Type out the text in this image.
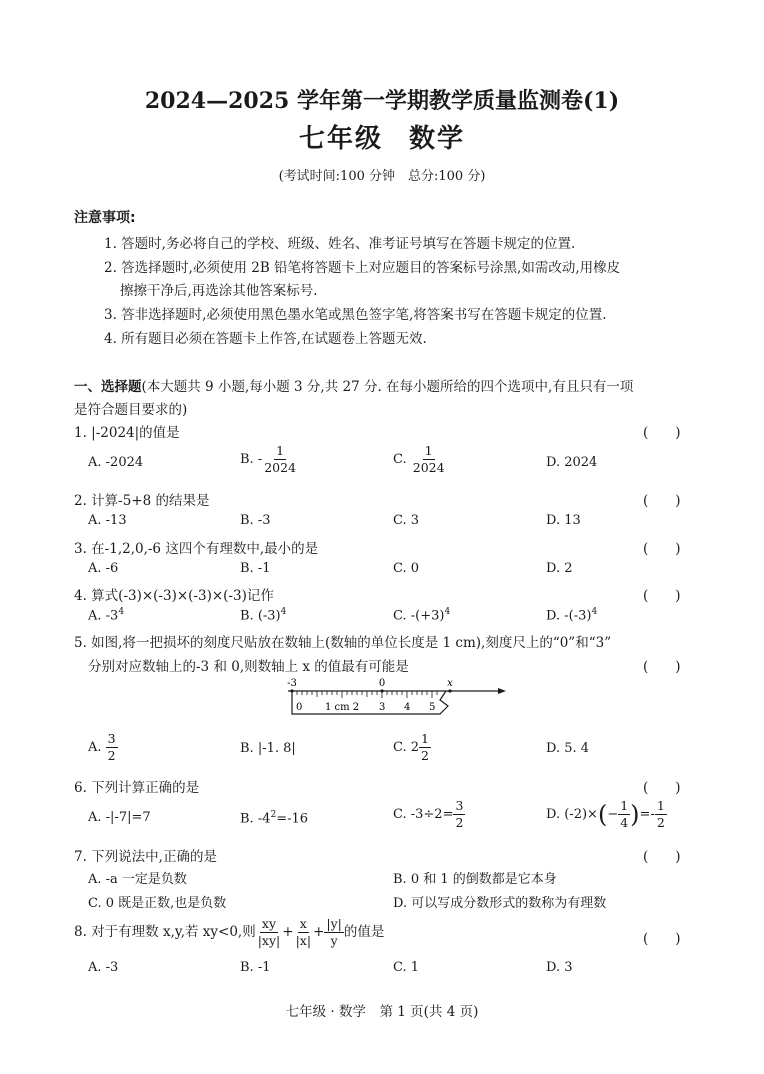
2024—2025 学年第一学期教学质量监测卷(1)
七年级 数学
(考试时间:100 分钟　总分:100 分)
注意事项:
1. 答题时,务必将自己的学校、班级、姓名、准考证号填写在答题卡规定的位置.
2. 答选择题时,必须使用 2B 铅笔将答题卡上对应题目的答案标号涂黑,如需改动,用橡皮
擦擦干净后,再选涂其他答案标号.
3. 答非选择题时,必须使用黑色墨水笔或黑色签字笔,将答案书写在答题卡规定的位置.
4. 所有题目必须在答题卡上作答,在试题卷上答题无效.
一、选择题(本大题共 9 小题,每小题 3 分,共 27 分. 在每小题所给的四个选项中,有且只有一项
是符合题目要求的)
1. |-2024|的值是	(　　)
A. -2024	B. - $\frac{1}{2024}$	C. $\frac{1}{2024}$	D. 2024
2. 计算-5+8 的结果是	(　　)
A. -13	B. -3	C. 3	D. 13
3. 在-1,2,0,-6 这四个有理数中,最小的是	(　　)
A. -6	B. -1	C. 0	D. 2
4. 算式(-3)×(-3)×(-3)×(-3)记作	(　　)
A. $-3^4$	B. $(-3)^4$	C. $-(+3)^4$	D. $-(-3)^4$
5. 如图,将一把损坏的刻度尺贴放在数轴上(数轴的单位长度是 1 cm),刻度尺上的“0”和“3”
分别对应数轴上的-3 和 0,则数轴上 x 的值最有可能是	(　　)
-3	0	x
0 1 cm 2 3 4 5
A. $\frac{3}{2}$	B. |-1. 8|	C. $2 \frac{1}{2}$	D. 5. 4
6. 下列计算正确的是	(　　)
A. -|-7|=7	B. $-4^2=-16$	C. $-3\div 2= \frac{3}{2}$	D. $(-2)\times(- \frac{1}{4}$ )=- $\frac{1}{2}$
7. 下列说法中,正确的是	(　　)
A. -a 一定是负数	B. 0 和 1 的倒数都是它本身
C. 0 既是正数,也是负数	D. 可以写成分数形式的数称为有理数
8. 对于有理数 x,y,若 xy<0,则 $\frac{xy}{|xy|} + \frac{x}{|x|} + \frac{|y|}{y}$ 的值是	(　　)
A. -3	B. -1	C. 1	D. 3
七年级 · 数学　第 1 页(共 4 页)
